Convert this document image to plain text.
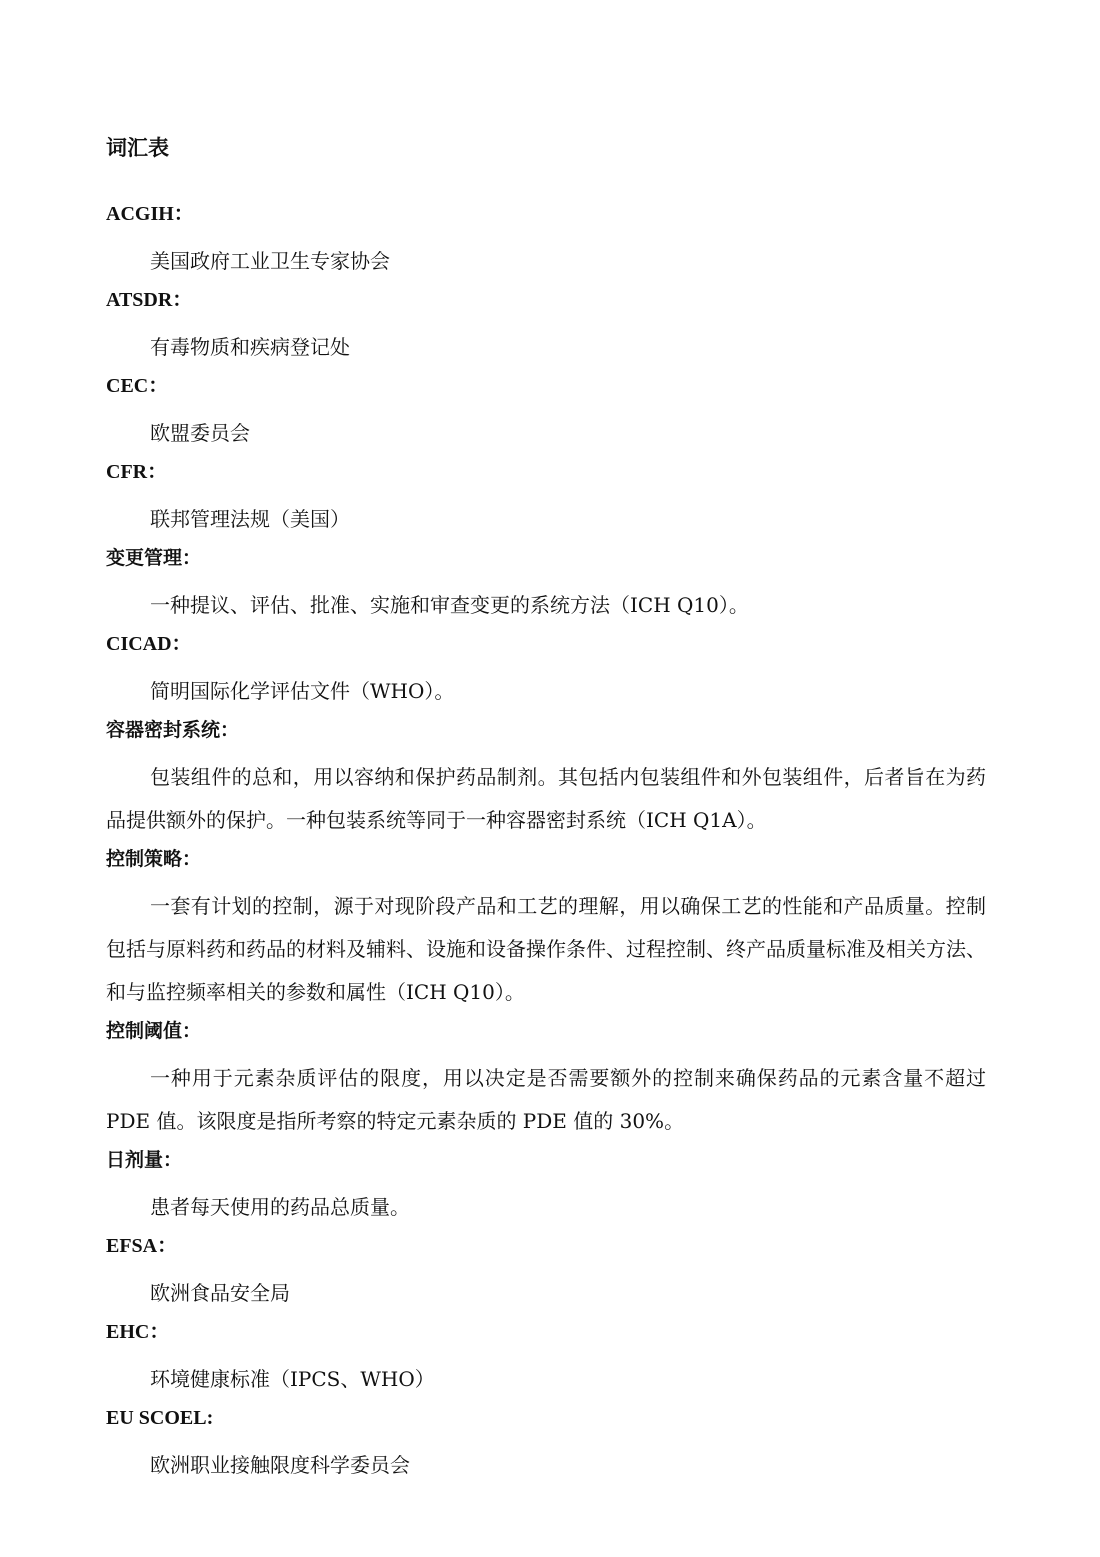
词汇表
ACGIH：
美国政府工业卫生专家协会
ATSDR：
有毒物质和疾病登记处
CEC：
欧盟委员会
CFR：
联邦管理法规（美国）
变更管理：
一种提议、评估、批准、实施和审查变更的系统方法（ICH Q10）。
CICAD：
简明国际化学评估文件（WHO）。
容器密封系统：
包装组件的总和，用以容纳和保护药品制剂。其包括内包装组件和外包装组件，后者旨在为药品提供额外的保护。一种包装系统等同于一种容器密封系统（ICH Q1A）。
控制策略：
一套有计划的控制，源于对现阶段产品和工艺的理解，用以确保工艺的性能和产品质量。控制包括与原料药和药品的材料及辅料、设施和设备操作条件、过程控制、终产品质量标准及相关方法、和与监控频率相关的参数和属性（ICH Q10）。
控制阈值：
一种用于元素杂质评估的限度，用以决定是否需要额外的控制来确保药品的元素含量不超过 PDE 值。该限度是指所考察的特定元素杂质的 PDE 值的 30%。
日剂量：
患者每天使用的药品总质量。
EFSA：
欧洲食品安全局
EHC：
环境健康标准（IPCS、WHO）
EU SCOEL:
欧洲职业接触限度科学委员会
